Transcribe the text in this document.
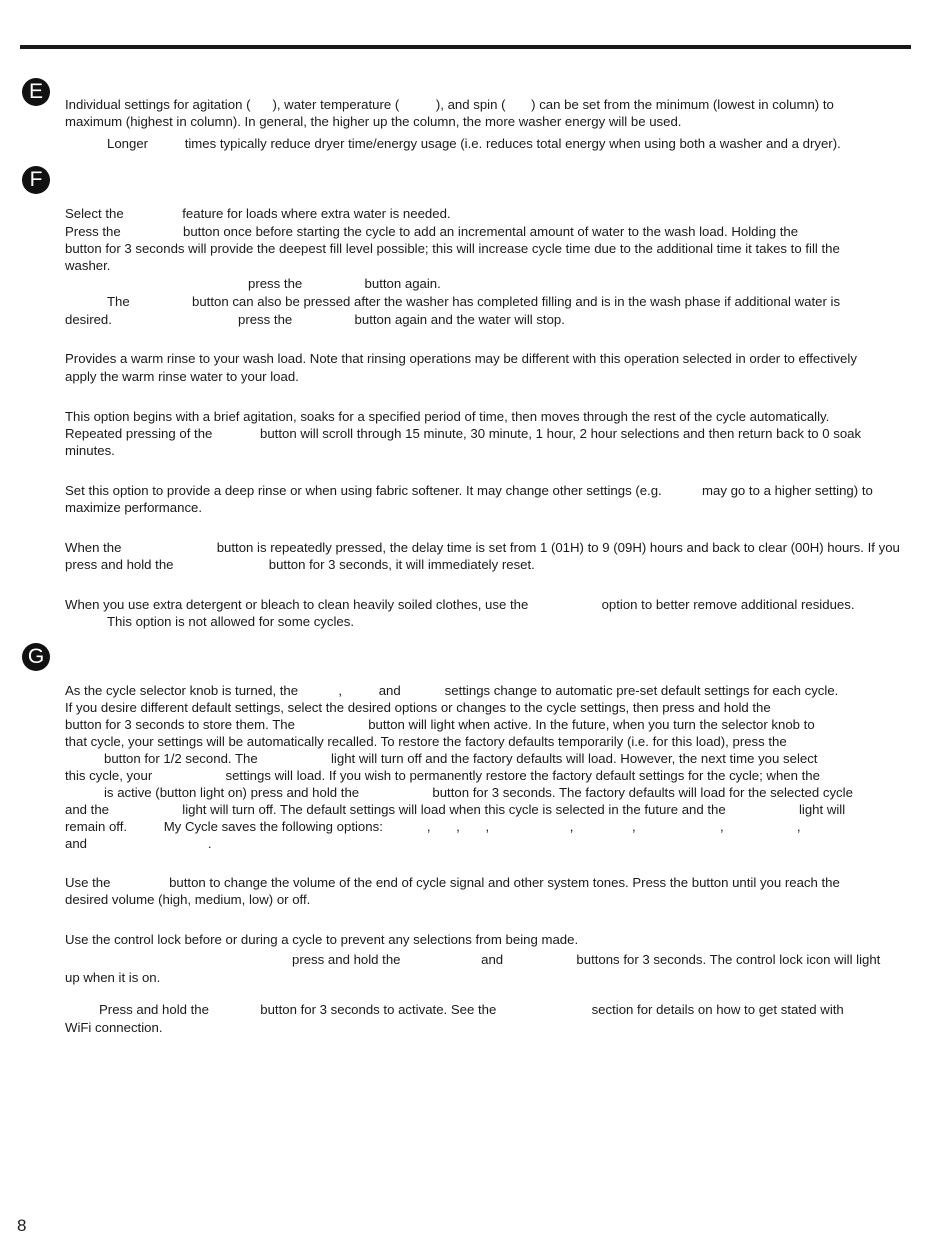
E
F
G
Individual settings for agitation (      ), water temperature (          ), and spin (       ) can be set from the minimum (lowest in column) to
maximum (highest in column). In general, the higher up the column, the more washer energy will be used.
Longer          times typically reduce dryer time/energy usage (i.e. reduces total energy when using both a washer and a dryer).
Select the                feature for loads where extra water is needed.
Press the                 button once before starting the cycle to add an incremental amount of water to the wash load. Holding the
button for 3 seconds will provide the deepest fill level possible; this will increase cycle time due to the additional time it takes to fill the
washer.
press the                 button again.
The                 button can also be pressed after the washer has completed filling and is in the wash phase if additional water is
desired.	press the                 button again and the water will stop.
Provides a warm rinse to your wash load. Note that rinsing operations may be different with this operation selected in order to effectively
apply the warm rinse water to your load.
This option begins with a brief agitation, soaks for a specified period of time, then moves through the rest of the cycle automatically.
Repeated pressing of the             button will scroll through 15 minute, 30 minute, 1 hour, 2 hour selections and then return back to 0 soak
minutes.
Set this option to provide a deep rinse or when using fabric softener. It may change other settings (e.g.           may go to a higher setting) to
maximize performance.
When the                          button is repeatedly pressed, the delay time is set from 1 (01H) to 9 (09H) hours and back to clear (00H) hours. If you
press and hold the                          button for 3 seconds, it will immediately reset.
When you use extra detergent or bleach to clean heavily soiled clothes, use the                    option to better remove additional residues.
This option is not allowed for some cycles.
As the cycle selector knob is turned, the           ,          and            settings change to automatic pre-set default settings for each cycle.
If you desire different default settings, select the desired options or changes to the cycle settings, then press and hold the
button for 3 seconds to store them. The                    button will light when active. In the future, when you turn the selector knob to
that cycle, your settings will be automatically recalled. To restore the factory defaults temporarily (i.e. for this load), press the
button for 1/2 second. The                    light will turn off and the factory defaults will load. However, the next time you select
this cycle, your                    settings will load. If you wish to permanently restore the factory default settings for the cycle; when the
is active (button light on) press and hold the                    button for 3 seconds. The factory defaults will load for the selected cycle
and the                    light will turn off. The default settings will load when this cycle is selected in the future and the                    light will
remain off.          My Cycle saves the following options:            ,       ,       ,                      ,                ,                       ,                    ,
and                                 .
Use the                button to change the volume of the end of cycle signal and other system tones. Press the button until you reach the
desired volume (high, medium, low) or off.
Use the control lock before or during a cycle to prevent any selections from being made.
press and hold the                      and                    buttons for 3 seconds. The control lock icon will light
up when it is on.
Press and hold the              button for 3 seconds to activate. See the                          section for details on how to get stated with
WiFi connection.
8
